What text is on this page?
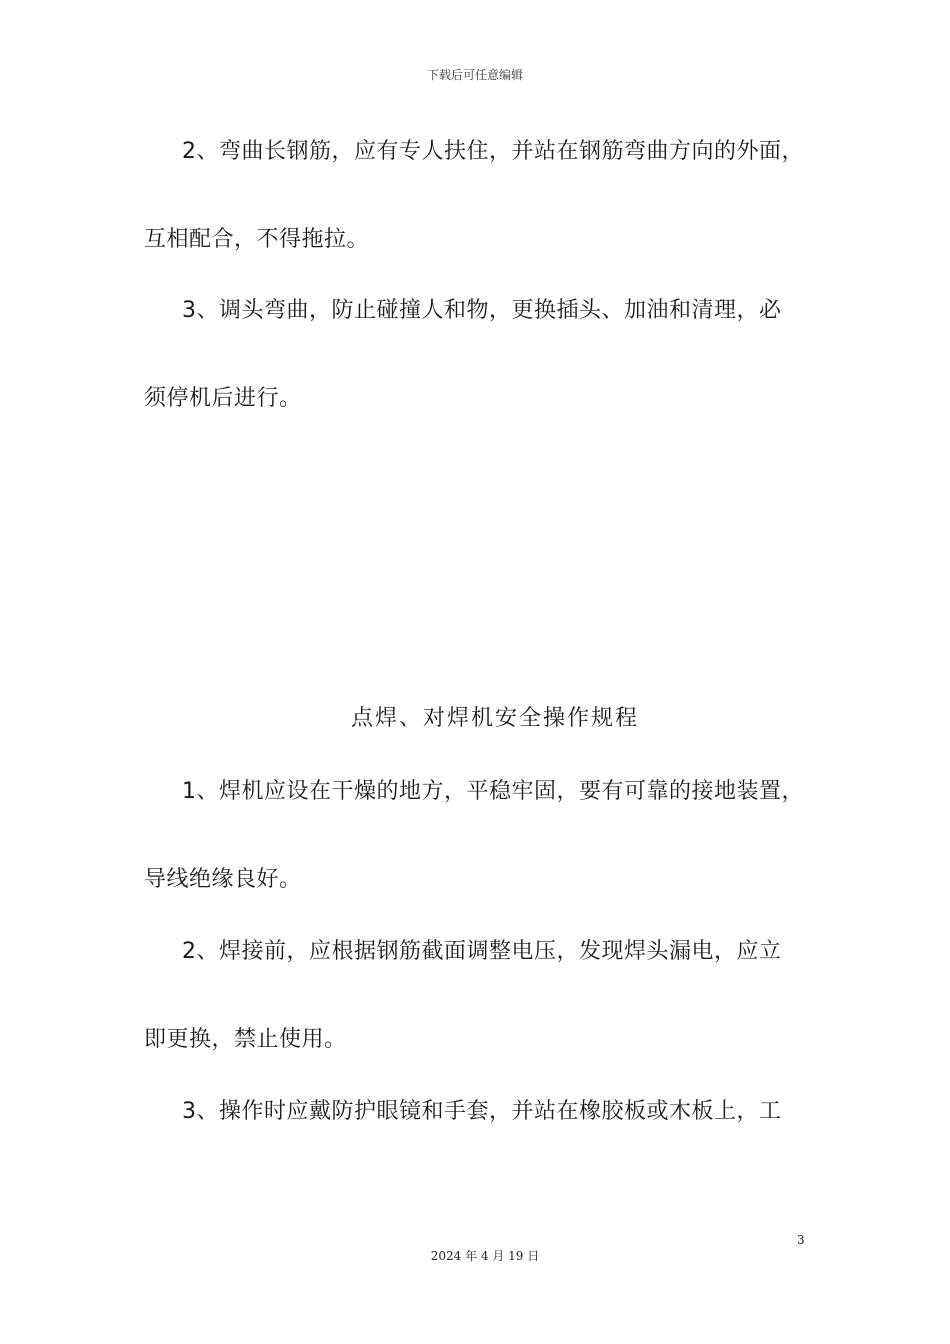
下载后可任意编辑
2、弯曲长钢筋，应有专人扶住，并站在钢筋弯曲方向的外面，
互相配合，不得拖拉。
3、调头弯曲，防止碰撞人和物，更换插头、加油和清理，必
须停机后进行。
点焊、对焊机安全操作规程
1、焊机应设在干燥的地方，平稳牢固，要有可靠的接地装置，
导线绝缘良好。
2、焊接前，应根据钢筋截面调整电压，发现焊头漏电，应立
即更换，禁止使用。
3、操作时应戴防护眼镜和手套，并站在橡胶板或木板上，工
3
2024 年 4 月 19 日
